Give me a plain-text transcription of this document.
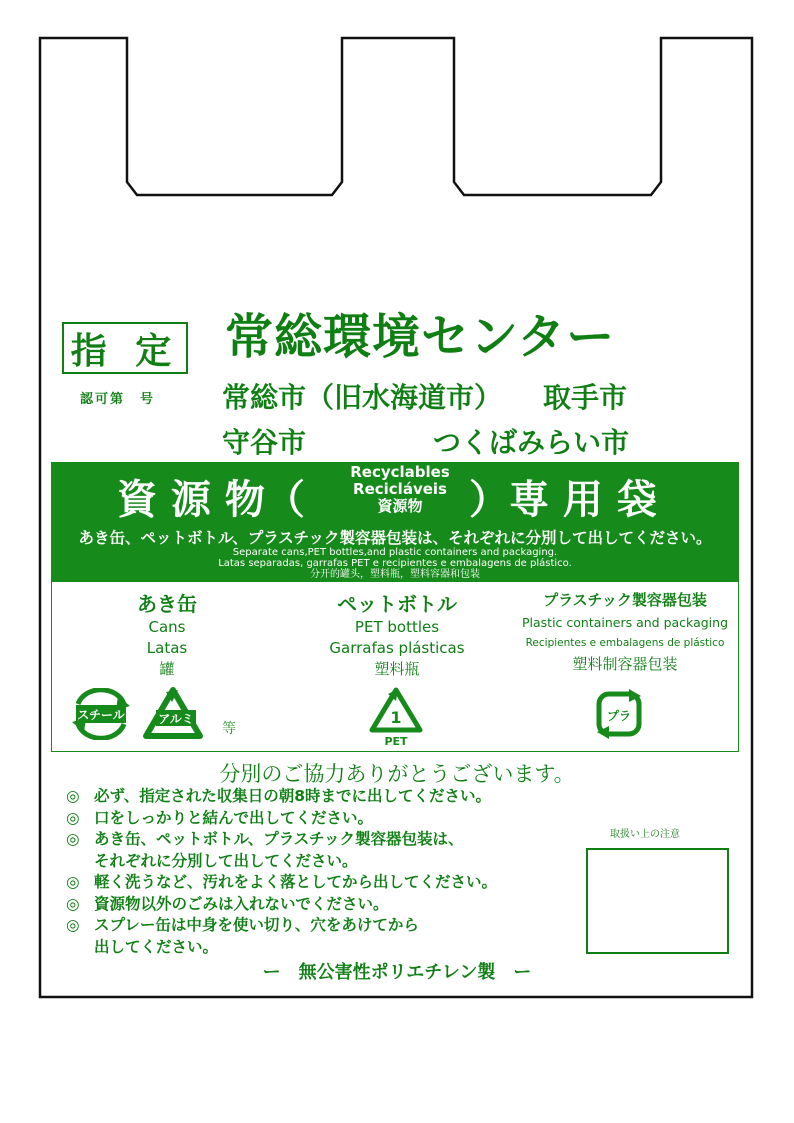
指 定
認可第　号
常総環境センター
常総市（旧水海道市） 取手市
守谷市	つくばみらい市
資 源 物（
Recyclables
Recicláveis
資源物	）専 用 袋
あき缶、ペットボトル、プラスチック製容器包装は、それぞれに分別して出してください。
Separate cans,PET bottles,and plastic containers and packaging.
Latas separadas, garrafas PET e recipientes e embalagens de plástico.
分开的罐头，塑料瓶，塑料容器和包装
あき缶
Cans
Latas
罐
ペットボトル
PET bottles
Garrafas plásticas
塑料瓶
プラスチック製容器包装
Plastic containers and packaging
Recipientes e embalagens de plástico
塑料制容器包装
スチール	アルミ
等
1
PET
プラ
分別のご協力ありがとうございます。
◎ 必ず、指定された収集日の朝8時までに出してください。
◎ 口をしっかりと結んで出してください。
◎ あき缶、ペットボトル、プラスチック製容器包装は、
それぞれに分別して出してください。
◎ 軽く洗うなど、汚れをよく落としてから出してください。
◎ 資源物以外のごみは入れないでください。
◎ スプレー缶は中身を使い切り、穴をあけてから
出してください。
取扱い上の注意
ー　無公害性ポリエチレン製　ー
